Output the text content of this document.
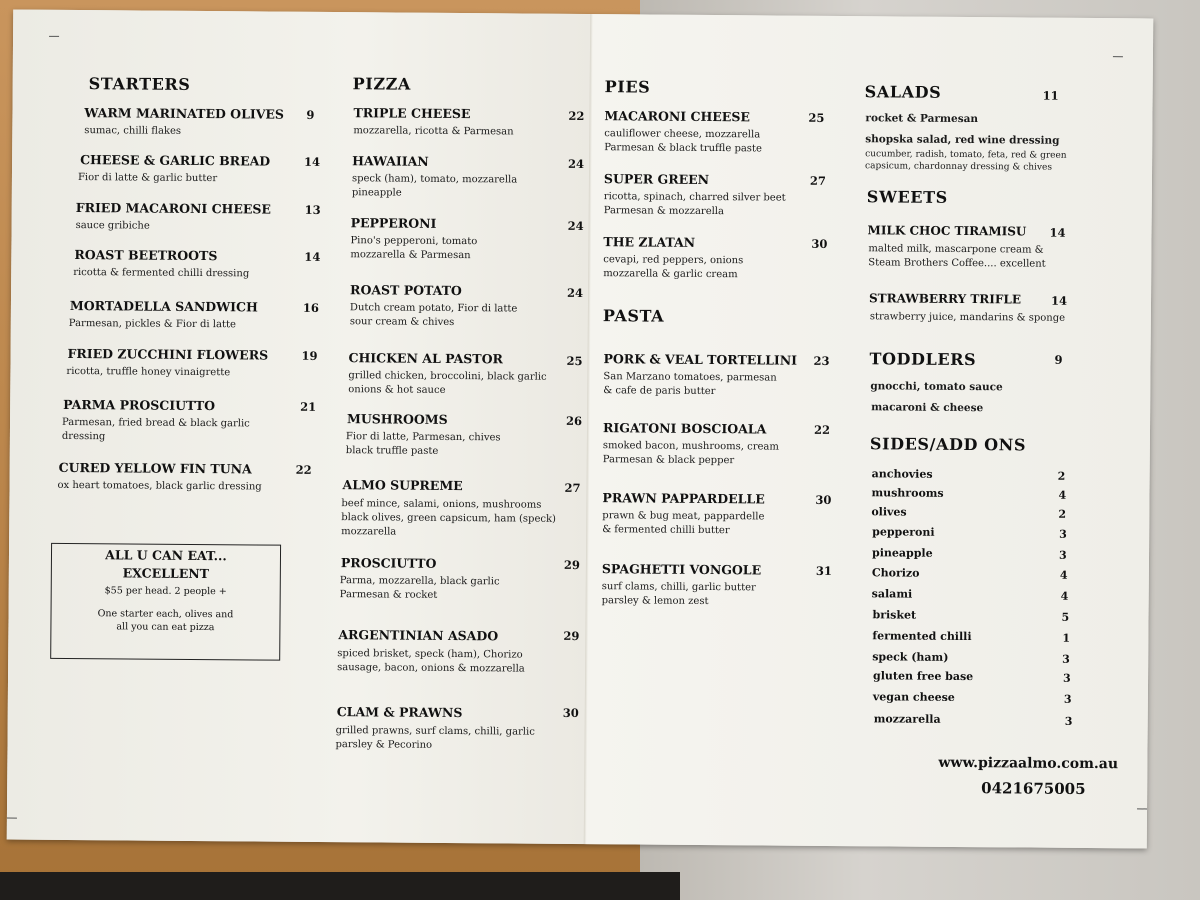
STARTERS
WARM MARINATED OLIVES 9
sumac, chilli flakes
CHEESE & GARLIC BREAD	14
Fior di latte & garlic butter
FRIED MACARONI CHEESE	13
sauce gribiche
ROAST BEETROOTS	14
ricotta & fermented chilli dressing
MORTADELLA SANDWICH	16
Parmesan, pickles & Fior di latte
FRIED ZUCCHINI FLOWERS	19
ricotta, truffle honey vinaigrette
PARMA PROSCIUTTO	21
Parmesan, fried bread & black garlic
dressing
CURED YELLOW FIN TUNA	22
ox heart tomatoes, black garlic dressing
ALL U CAN EAT...
EXCELLENT
$55 per head. 2 people +
One starter each, olives and
all you can eat pizza
PIZZA
TRIPLE CHEESE	22
mozzarella, ricotta & Parmesan
HAWAIIAN	24
speck (ham), tomato, mozzarella
pineapple
PEPPERONI	24
Pino's pepperoni, tomato
mozzarella & Parmesan
ROAST POTATO	24
Dutch cream potato, Fior di latte
sour cream & chives
CHICKEN AL PASTOR	25
grilled chicken, broccolini, black garlic
onions & hot sauce
MUSHROOMS	26
Fior di latte, Parmesan, chives
black truffle paste
ALMO SUPREME	27
beef mince, salami, onions, mushrooms
black olives, green capsicum, ham (speck)
mozzarella
PROSCIUTTO	29
Parma, mozzarella, black garlic
Parmesan & rocket
ARGENTINIAN ASADO	29
spiced brisket, speck (ham), Chorizo
sausage, bacon, onions & mozzarella
CLAM & PRAWNS	30
grilled prawns, surf clams, chilli, garlic
parsley & Pecorino
PIES
MACARONI CHEESE	25
cauliflower cheese, mozzarella
Parmesan & black truffle paste
SUPER GREEN	27
ricotta, spinach, charred silver beet
Parmesan & mozzarella
THE ZLATAN	30
cevapi, red peppers, onions
mozzarella & garlic cream
PASTA
PORK & VEAL TORTELLINI 23
San Marzano tomatoes, parmesan
& cafe de paris butter
RIGATONI BOSCIOALA	22
smoked bacon, mushrooms, cream
Parmesan & black pepper
PRAWN PAPPARDELLE	30
prawn & bug meat, pappardelle
& fermented chilli butter
SPAGHETTI VONGOLE	31
surf clams, chilli, garlic butter
parsley & lemon zest
SALADS	11
rocket & Parmesan
shopska salad, red wine dressing
cucumber, radish, tomato, feta, red & green
capsicum, chardonnay dressing & chives
SWEETS
MILK CHOC TIRAMISU 14
malted milk, mascarpone cream &
Steam Brothers Coffee.... excellent
STRAWBERRY TRIFLE	14
strawberry juice, mandarins & sponge
TODDLERS	9
gnocchi, tomato sauce
macaroni & cheese
SIDES/ADD ONS
anchovies	2
mushrooms	4
olives	2
pepperoni	3
pineapple	3
Chorizo	4
salami	4
brisket	5
fermented chilli	1
speck (ham)	3
gluten free base	3
vegan cheese	3
mozzarella	3
www.pizzaalmo.com.au
0421675005
